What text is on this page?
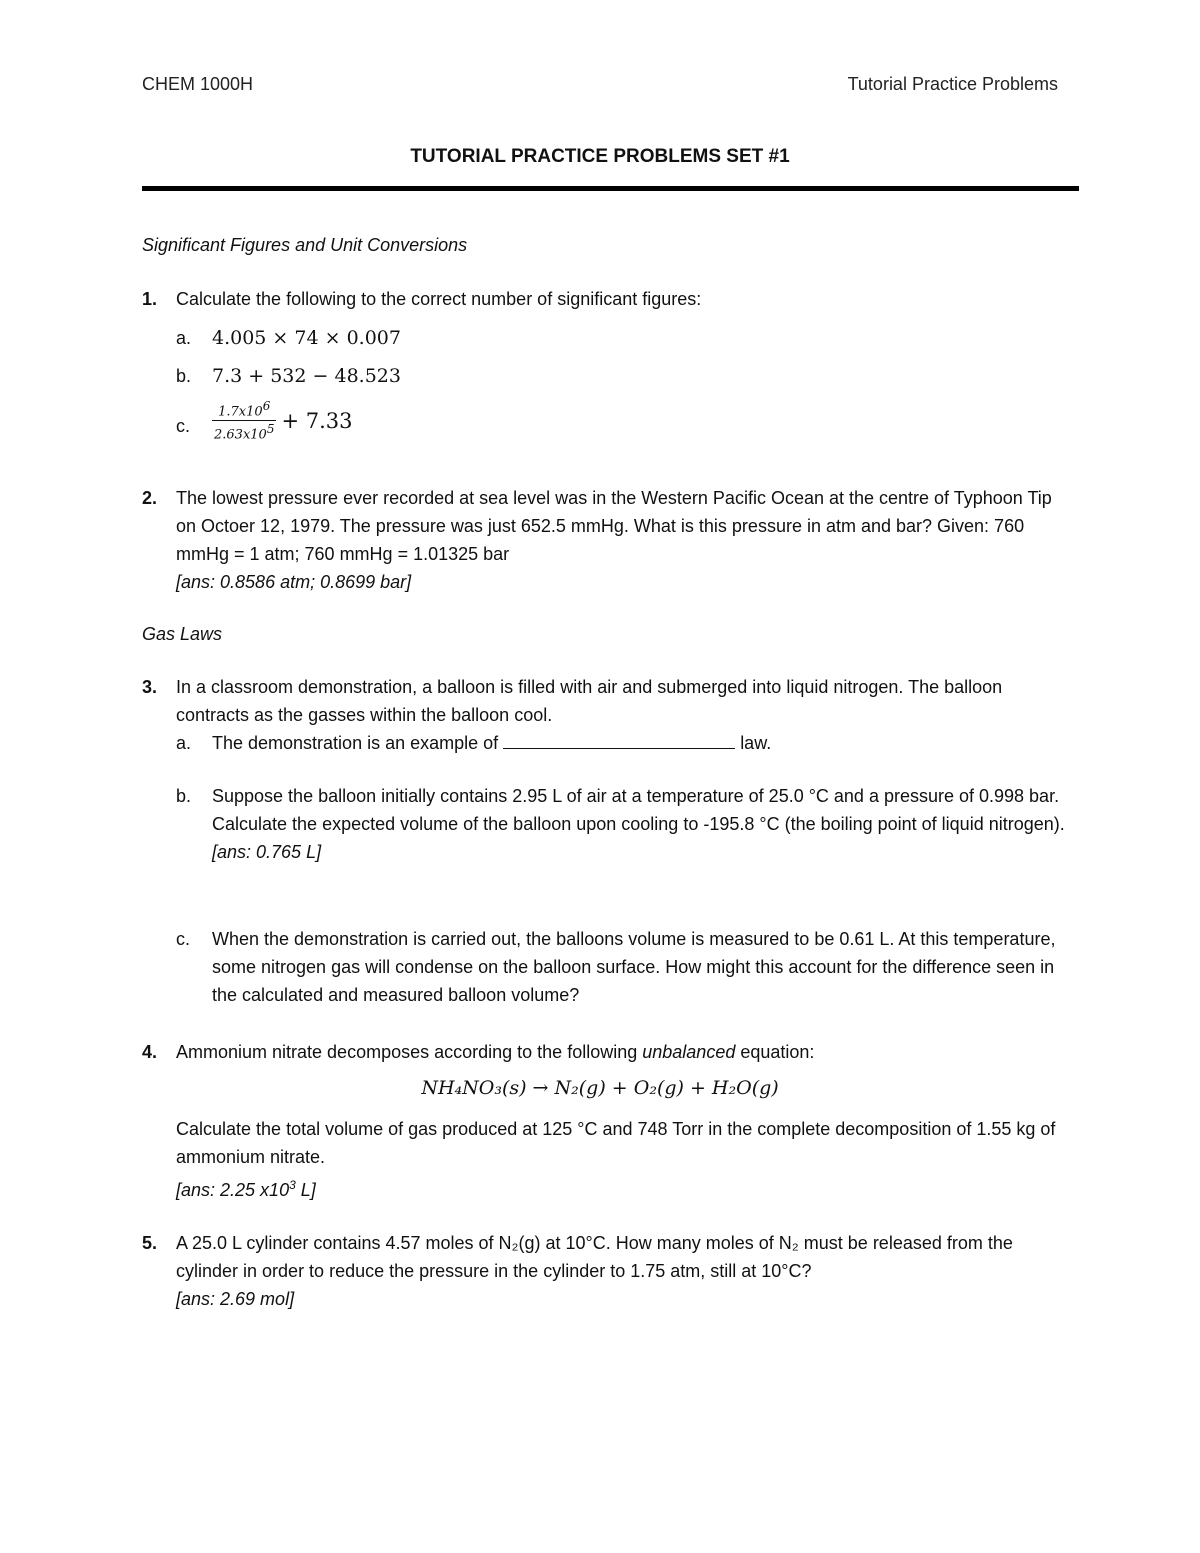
CHEM 1000H	Tutorial Practice Problems
TUTORIAL PRACTICE PROBLEMS SET #1
Significant Figures and Unit Conversions
1. Calculate the following to the correct number of significant figures:
a. 4.005 × 74 × 0.007
b. 7.3 + 532 − 48.523
c. $\frac{1.7x10^6}{2.63x10^5} + 7.33$
2. The lowest pressure ever recorded at sea level was in the Western Pacific Ocean at the centre of Typhoon Tip on Octoer 12, 1979. The pressure was just 652.5 mmHg. What is this pressure in atm and bar? Given: 760 mmHg = 1 atm; 760 mmHg = 1.01325 bar
[ans: 0.8586 atm; 0.8699 bar]
Gas Laws
3. In a classroom demonstration, a balloon is filled with air and submerged into liquid nitrogen. The balloon contracts as the gasses within the balloon cool.
a. The demonstration is an example of	law.
b. Suppose the balloon initially contains 2.95 L of air at a temperature of 25.0 °C and a pressure of 0.998 bar. Calculate the expected volume of the balloon upon cooling to -195.8 °C (the boiling point of liquid nitrogen).
[ans: 0.765 L]
c. When the demonstration is carried out, the balloons volume is measured to be 0.61 L. At this temperature, some nitrogen gas will condense on the balloon surface. How might this account for the difference seen in the calculated and measured balloon volume?
4. Ammonium nitrate decomposes according to the following unbalanced equation:
NH₄NO₃(s) → N₂(g) + O₂(g) + H₂O(g)
Calculate the total volume of gas produced at 125 °C and 748 Torr in the complete decomposition of 1.55 kg of ammonium nitrate.
[ans: 2.25 $x10^3$ L]
5. A 25.0 L cylinder contains 4.57 moles of N₂(g) at 10°C. How many moles of N₂ must be released from the cylinder in order to reduce the pressure in the cylinder to 1.75 atm, still at 10°C?
[ans: 2.69 mol]
